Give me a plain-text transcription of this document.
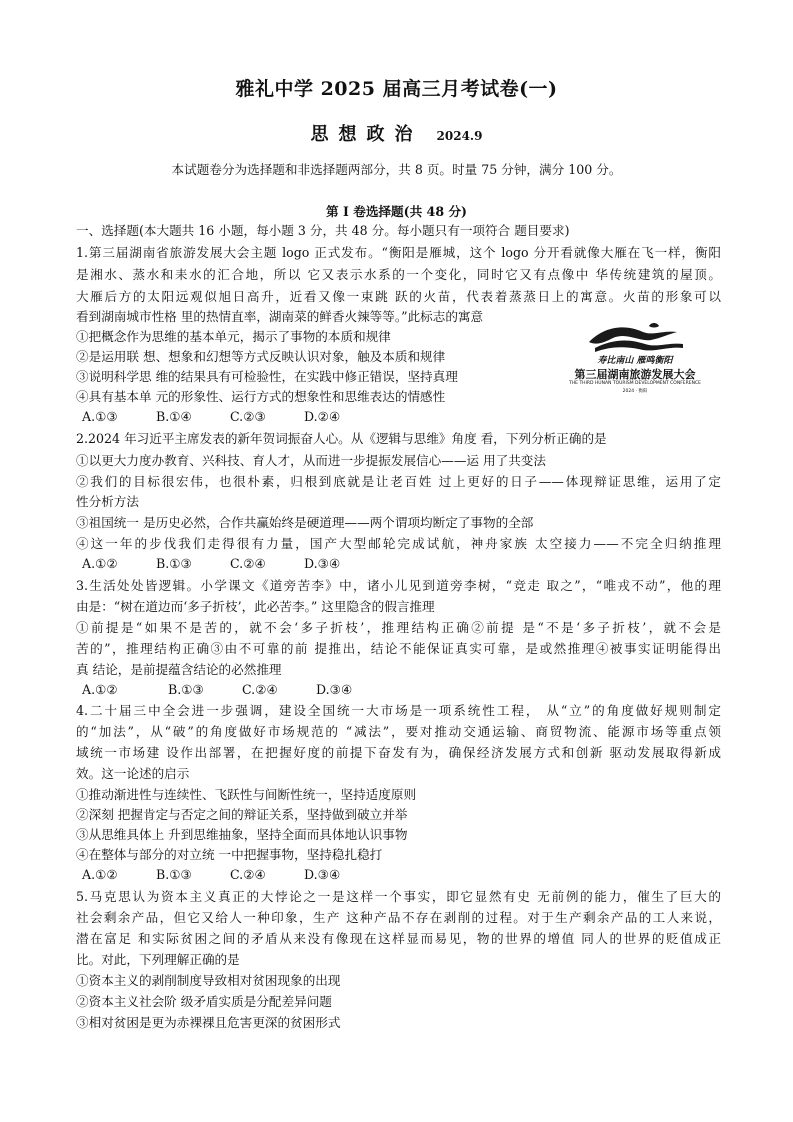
雅礼中学 2025 届高三月考试卷(一)
思想政治 2024.9
本试题卷分为选择题和非选择题两部分，共 8 页。时量 75 分钟，满分 100 分。
第 I 卷选择题(共 48 分)
一、选择题(本大题共 16 小题，每小题 3 分，共 48 分。每小题只有一项符合 题目要求)
1.第三届湖南省旅游发展大会主题 logo 正式发布。“衡阳是雁城，这个 logo 分开看就像大雁在飞一样，衡阳
是湘水、蒸水和耒水的汇合地，所以 它又表示水系的一个变化，同时它又有点像中 华传统建筑的屋顶。
大雁后方的太阳远观似旭日高升，近看又像一束跳 跃的火苗，代表着蒸蒸日上的寓意。火苗的形象可以
看到湖南城市性格 里的热情直率，湖南菜的鲜香火辣等等。”此标志的寓意
①把概念作为思维的基本单元，揭示了事物的本质和规律
②是运用联 想、想象和幻想等方式反映认识对象，触及本质和规律
③说明科学思 维的结果具有可检验性，在实践中修正错误，坚持真理
④具有基本单 元的形象性、运行方式的想象性和思维表达的情感性
A.①③	B.①④	C.②③	D.②④
寿比南山 雁鸣衡阳
第三届湖南旅游发展大会
THE THIRD HUNAN TOURISM DEVELOPMENT CONFERENCE
2024 · 衡阳
2.2024 年习近平主席发表的新年贺词振奋人心。从《逻辑与思维》角度 看，下列分析正确的是
①以更大力度办教育、兴科技、育人才，从而进一步提振发展信心——运 用了共变法
②我们的目标很宏伟，也很朴素，归根到底就是让老百姓 过上更好的日子——体现辩证思维，运用了定
性分析方法
③祖国统一 是历史必然，合作共赢始终是硬道理——两个谓项均断定了事物的全部
④这一年的步伐我们走得很有力量，国产大型邮轮完成试航，神舟家族 太空接力——不完全归纳推理
A.①②	B.①③	C.②④	D.③④
3.生活处处皆逻辑。小学课文《道旁苦李》中，诸小儿见到道旁李树，“竞走 取之”，“唯戎不动”，他的理
由是：“树在道边而‘多子折枝’，此必苦李。” 这里隐含的假言推理
①前提是“如果不是苦的，就不会‘多子折枝’，推理结构正确②前提 是“不是‘多子折枝’，就不会是
苦的”，推理结构正确③由不可靠的前 提推出，结论不能保证真实可靠，是或然推理④被事实证明能得出
真 结论，是前提蕴含结论的必然推理
A.①②	B.①③	C.②④	D.③④
4.二十届三中全会进一步强调，建设全国统一大市场是一项系统性工程， 从“立”的角度做好规则制定
的“加法”，从“破”的角度做好市场规范的 “减法”，要对推动交通运输、商贸物流、能源市场等重点领
域统一市场建 设作出部署，在把握好度的前提下奋发有为，确保经济发展方式和创新 驱动发展取得新成
效。这一论述的启示
①推动渐进性与连续性、飞跃性与间断性统一，坚持适度原则
②深刻 把握肯定与否定之间的辩证关系，坚持做到破立并举
③从思维具体上 升到思维抽象，坚持全面而具体地认识事物
④在整体与部分的对立统 一中把握事物，坚持稳扎稳打
A.①②	B.①③	C.②④	D.③④
5.马克思认为资本主义真正的大悖论之一是这样一个事实，即它显然有史 无前例的能力，催生了巨大的
社会剩余产品，但它又给人一种印象，生产 这种产品不存在剥削的过程。对于生产剩余产品的工人来说，
潜在富足 和实际贫困之间的矛盾从来没有像现在这样显而易见，物的世界的增值 同人的世界的贬值成正
比。对此，下列理解正确的是
①资本主义的剥削制度导致相对贫困现象的出现
②资本主义社会阶 级矛盾实质是分配差异问题
③相对贫困是更为赤裸裸且危害更深的贫困形式
